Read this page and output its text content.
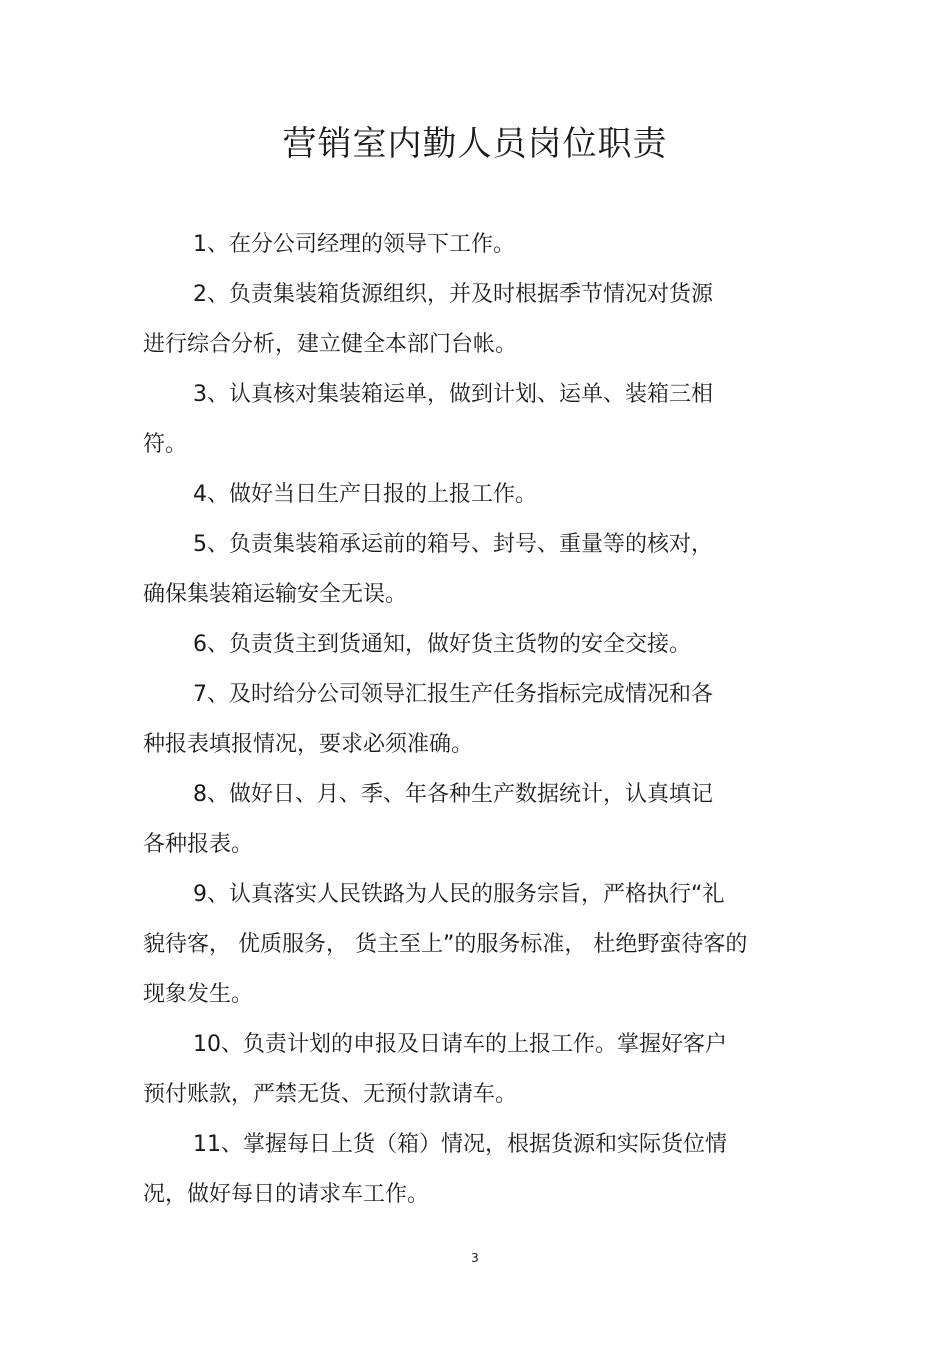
营销室内勤人员岗位职责
1、在分公司经理的领导下工作。
2、负责集装箱货源组织，并及时根据季节情况对货源
进行综合分析，建立健全本部门台帐。
3、认真核对集装箱运单，做到计划、运单、装箱三相
符。
4、做好当日生产日报的上报工作。
5、负责集装箱承运前的箱号、封号、重量等的核对，
确保集装箱运输安全无误。
6、负责货主到货通知，做好货主货物的安全交接。
7、及时给分公司领导汇报生产任务指标完成情况和各
种报表填报情况，要求必须准确。
8、做好日、月、季、年各种生产数据统计，认真填记
各种报表。
9、认真落实人民铁路为人民的服务宗旨，严格执行“礼
貌待客， 优质服务， 货主至上”的服务标准， 杜绝野蛮待客的
现象发生。
10、负责计划的申报及日请车的上报工作。掌握好客户
预付账款，严禁无货、无预付款请车。
11、掌握每日上货（箱）情况，根据货源和实际货位情
况，做好每日的请求车工作。
3
